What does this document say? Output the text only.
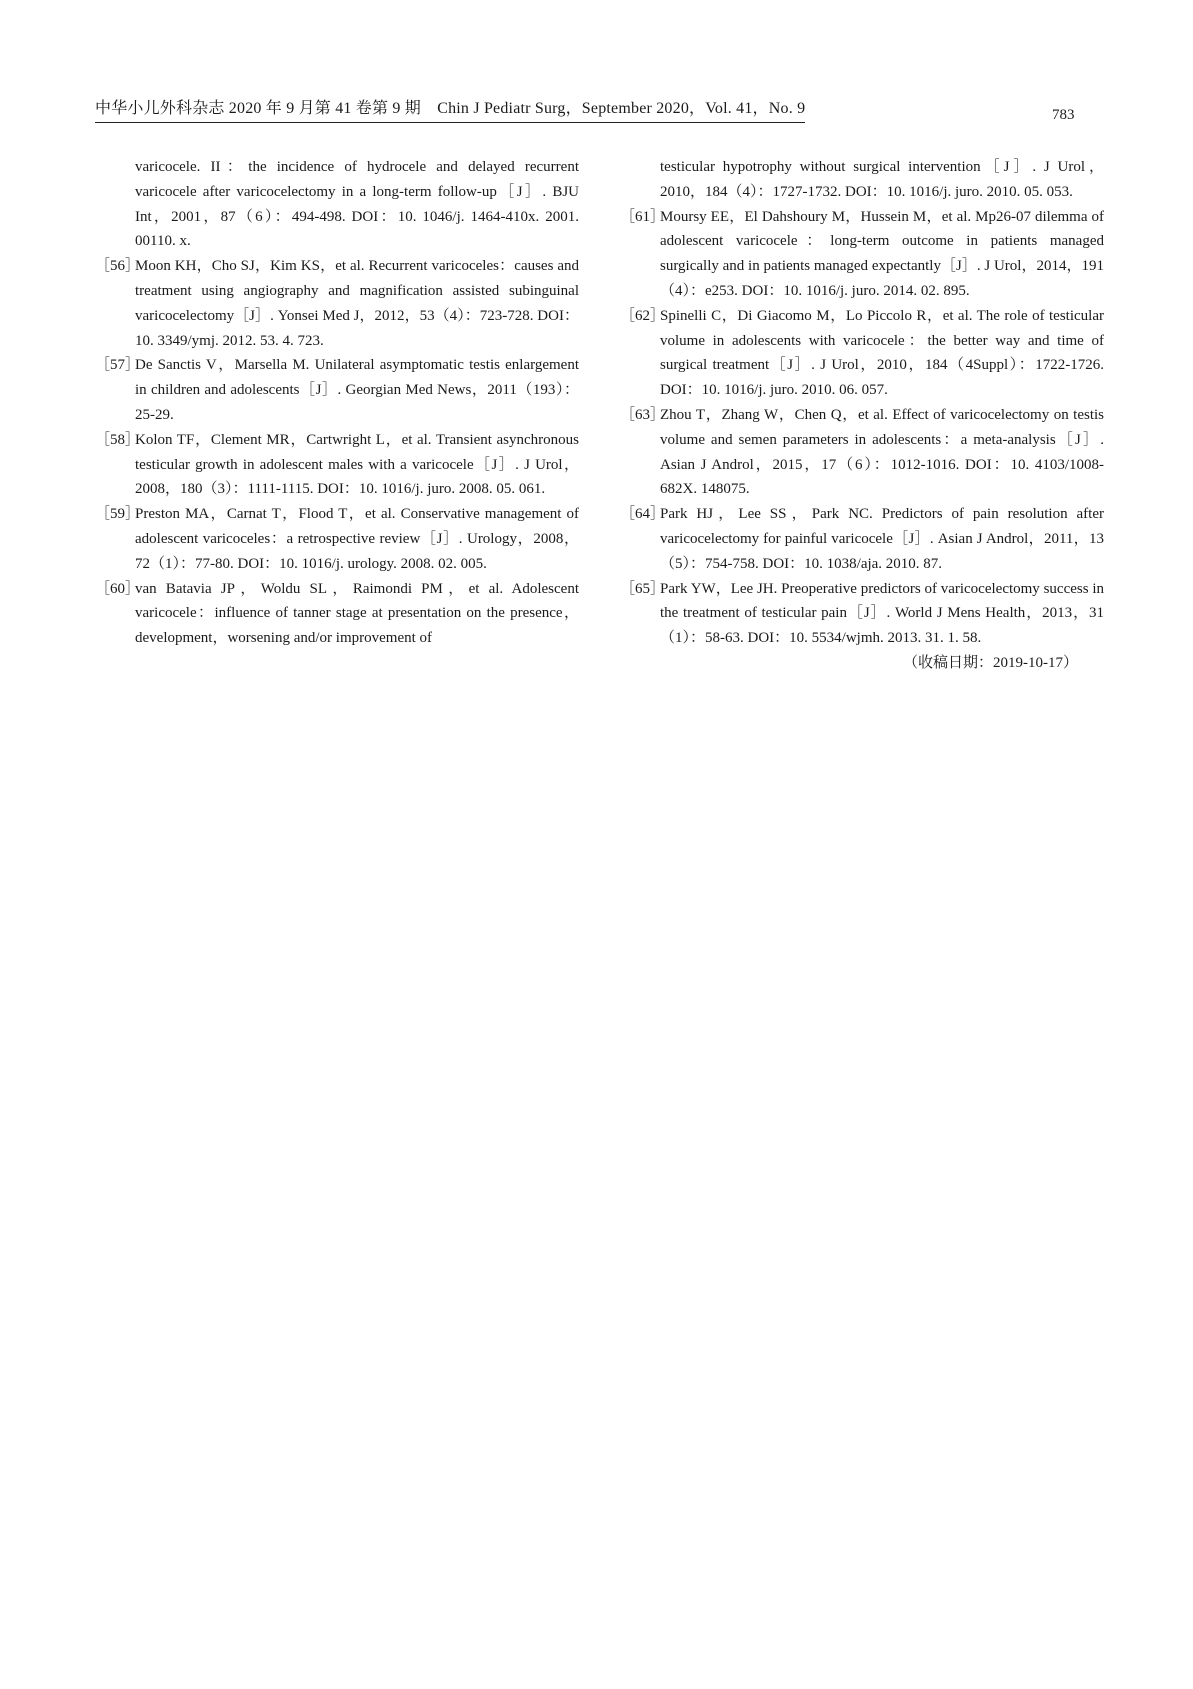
中华小儿外科杂志 2020 年 9 月第 41 卷第 9 期　Chin J Pediatr Surg，September 2020，Vol. 41，No. 9	783

varicocele. II：the incidence of hydrocele and delayed recurrent varicocele after varicocelectomy in a long-term follow-up［J］. BJU Int，2001，87（6）：494-498. DOI：10. 1046/j. 1464-410x. 2001. 00110. x.

［56］Moon KH，Cho SJ，Kim KS，et al. Recurrent varicoceles：causes and treatment using angiography and magnification assisted subinguinal varicocelectomy［J］. Yonsei Med J，2012，53（4）：723-728. DOI：10. 3349/ymj. 2012. 53. 4. 723.

［57］De Sanctis V，Marsella M. Unilateral asymptomatic testis enlargement in children and adolescents［J］. Georgian Med News，2011（193）：25-29.

［58］Kolon TF，Clement MR，Cartwright L，et al. Transient asynchronous testicular growth in adolescent males with a varicocele［J］. J Urol，2008，180（3）：1111-1115. DOI：10. 1016/j. juro. 2008. 05. 061.

［59］Preston MA，Carnat T，Flood T，et al. Conservative management of adolescent varicoceles：a retrospective review［J］. Urology，2008，72（1）：77-80. DOI：10. 1016/j. urology. 2008. 02. 005.

［60］van Batavia JP，Woldu SL，Raimondi PM，et al. Adolescent varicocele：influence of tanner stage at presentation on the presence，development，worsening and/or improvement of

testicular hypotrophy without surgical intervention［J］. J Urol，2010，184（4）：1727-1732. DOI：10. 1016/j. juro. 2010. 05. 053.

［61］Moursy EE，El Dahshoury M，Hussein M，et al. Mp26-07 dilemma of adolescent varicocele：long-term outcome in patients managed surgically and in patients managed expectantly［J］. J Urol，2014，191（4）：e253. DOI：10. 1016/j. juro. 2014. 02. 895.

［62］Spinelli C，Di Giacomo M，Lo Piccolo R，et al. The role of testicular volume in adolescents with varicocele：the better way and time of surgical treatment［J］. J Urol，2010，184（4Suppl）：1722-1726. DOI：10. 1016/j. juro. 2010. 06. 057.

［63］Zhou T，Zhang W，Chen Q，et al. Effect of varicocelectomy on testis volume and semen parameters in adolescents：a meta-analysis［J］. Asian J Androl，2015，17（6）：1012-1016. DOI：10. 4103/1008-682X. 148075.

［64］Park HJ，Lee SS，Park NC. Predictors of pain resolution after varicocelectomy for painful varicocele［J］. Asian J Androl，2011，13（5）：754-758. DOI：10. 1038/aja. 2010. 87.

［65］Park YW，Lee JH. Preoperative predictors of varicocelectomy success in the treatment of testicular pain［J］. World J Mens Health，2013，31（1）：58-63. DOI：10. 5534/wjmh. 2013. 31. 1. 58.

（收稿日期：2019-10-17）
